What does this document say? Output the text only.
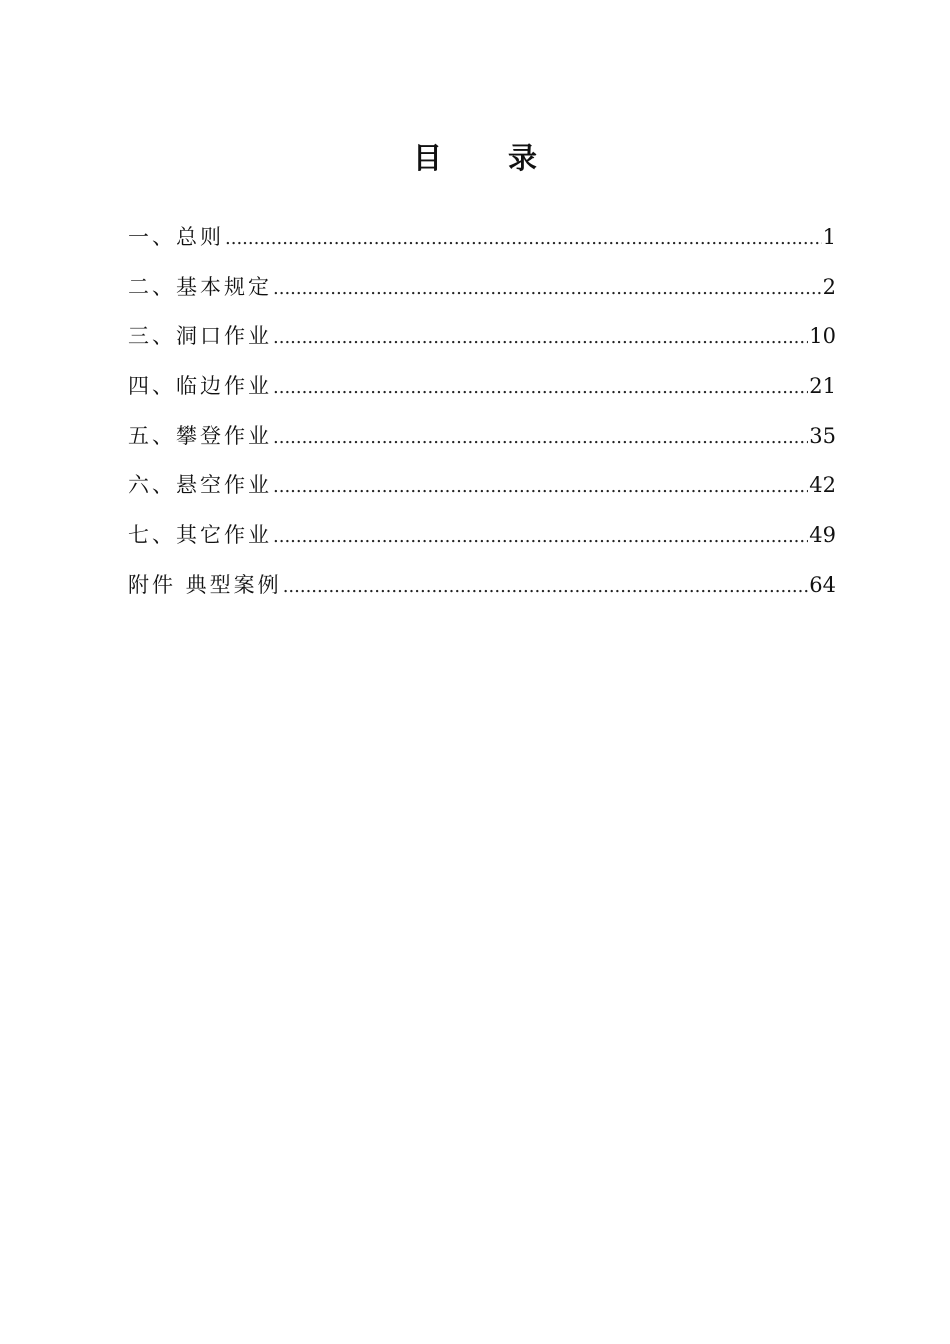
目 录
一、总则 .....	1
二、基本规定 .....	2
三、洞口作业 .....	10
四、临边作业 .....	21
五、攀登作业 .....	35
六、悬空作业 .....	42
七、其它作业 .....	49
附件 典型案例 .....	64
